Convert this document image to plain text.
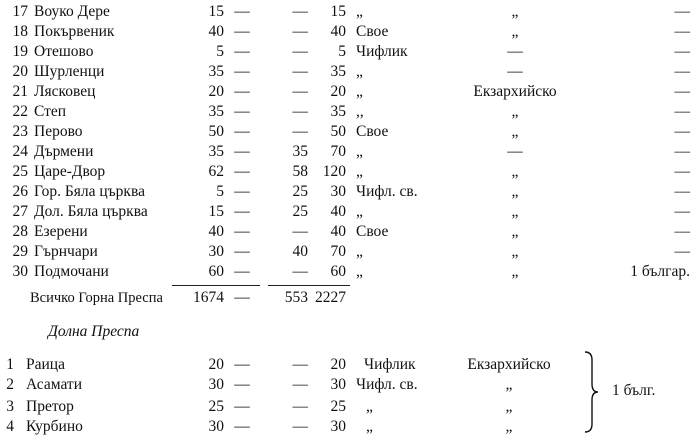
17 Воуко Дере	15 —	—	15 „	„	—
18 Покървеник	40 —	—	40 Свое	„	—
19 Отешово	5 —	—	5 Чифлик	—	—
20 Шурленци	35 —	—	35 „	—	—
21 Лясковец	20 —	—	20 „	Екзархийско	—
22 Степ	35 —	—	35 ,,	„	—
23 Перово	50 —	—	50 Свое	„	—
24 Дърмени	35 —	35	70 „	—	—
25 Царе-Двор	62 —	58 120 „	„	—
26 Гор. Бяла църква	5 —	25	30 Чифл. св.	„	—
27 Дол. Бяла църква	15 —	25	40 „	„	—
28 Езерени	40 —	—	40 Свое	„	—
29 Гърнчари	30 —	40	70 „	„	—
30 Подмочани	60 —	—	60 „	„	1 българ.
Всичко Горна Преспа	1674 —	553 2227
Долна Преспа
1 Раица	20 —	—	20 Чифлик	Екзархийско
2 Асамати	30 —	—	30 Чифл. св.	„
3 Претор	25 —	—	25 „	„
4 Курбино	30 —	—	30 „	„
1 бълг.
